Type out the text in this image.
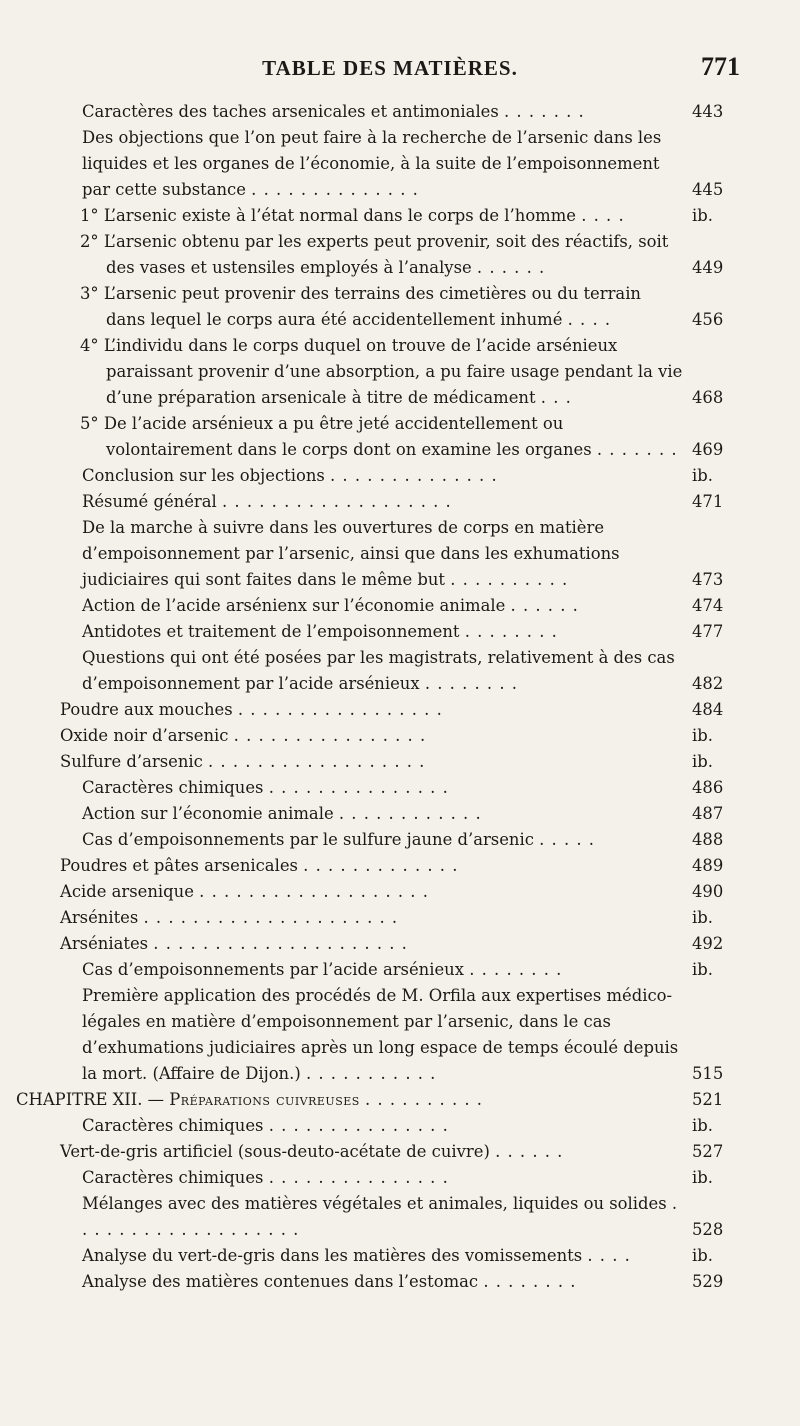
TABLE DES MATIÈRES.	771
Caractères des taches arsenicales et antimoniales . . . . . . .	443
Des objections que l’on peut faire à la recherche de l’arsenic dans les liquides et les organes de l’économie, à la suite de l’empoisonnement par cette substance . . . . . . . . . . . . . .	445
1° L’arsenic existe à l’état normal dans le corps de l’homme . . . .	ib.
2° L’arsenic obtenu par les experts peut provenir, soit des réactifs, soit des vases et ustensiles employés à l’analyse . . . . . .	449
3° L’arsenic peut provenir des terrains des cimetières ou du terrain dans lequel le corps aura été accidentellement inhumé . . . .	456
4° L’individu dans le corps duquel on trouve de l’acide arsénieux paraissant provenir d’une absorption, a pu faire usage pendant la vie d’une préparation arsenicale à titre de médicament . . .	468
5° De l’acide arsénieux a pu être jeté accidentellement ou volontairement dans le corps dont on examine les organes . . . . . . . 469
Conclusion sur les objections . . . . . . . . . . . . . .	ib.
Résumé général . . . . . . . . . . . . . . . . . . .	471
De la marche à suivre dans les ouvertures de corps en matière d’empoisonnement par l’arsenic, ainsi que dans les exhumations judiciaires qui sont faites dans le même but . . . . . . . . . .	473
Action de l’acide arsénienx sur l’économie animale . . . . . .	474
Antidotes et traitement de l’empoisonnement . . . . . . . .	477
Questions qui ont été posées par les magistrats, relativement à des cas d’empoisonnement par l’acide arsénieux . . . . . . . .	482
Poudre aux mouches . . . . . . . . . . . . . . . . .	484
Oxide noir d’arsenic . . . . . . . . . . . . . . . .	ib.
Sulfure d’arsenic . . . . . . . . . . . . . . . . . .	ib.
Caractères chimiques . . . . . . . . . . . . . . .	486
Action sur l’économie animale . . . . . . . . . . . .	487
Cas d’empoisonnements par le sulfure jaune d’arsenic . . . . .	488
Poudres et pâtes arsenicales . . . . . . . . . . . . .	489
Acide arsenique . . . . . . . . . . . . . . . . . . .	490
Arsénites . . . . . . . . . . . . . . . . . . . . .	ib.
Arséniates . . . . . . . . . . . . . . . . . . . . .	492
Cas d’empoisonnements par l’acide arsénieux . . . . . . . .	ib.
Première application des procédés de M. Orfila aux expertises médico-légales en matière d’empoisonnement par l’arsenic, dans le cas d’exhumations judiciaires après un long espace de temps écoulé depuis la mort. (Affaire de Dijon.) . . . . . . . . . . .	515
CHAPITRE XII. — Préparations cuivreuses . . . . . . . . . .	521
Caractères chimiques . . . . . . . . . . . . . . .	ib.
Vert-de-gris artificiel (sous-deuto-acétate de cuivre) . . . . . .	527
Caractères chimiques . . . . . . . . . . . . . . .	ib.
Mélanges avec des matières végétales et animales, liquides ou solides . . . . . . . . . . . . . . . . . . .	528
Analyse du vert-de-gris dans les matières des vomissements . . . .	ib.
Analyse des matières contenues dans l’estomac . . . . . . . .	529
